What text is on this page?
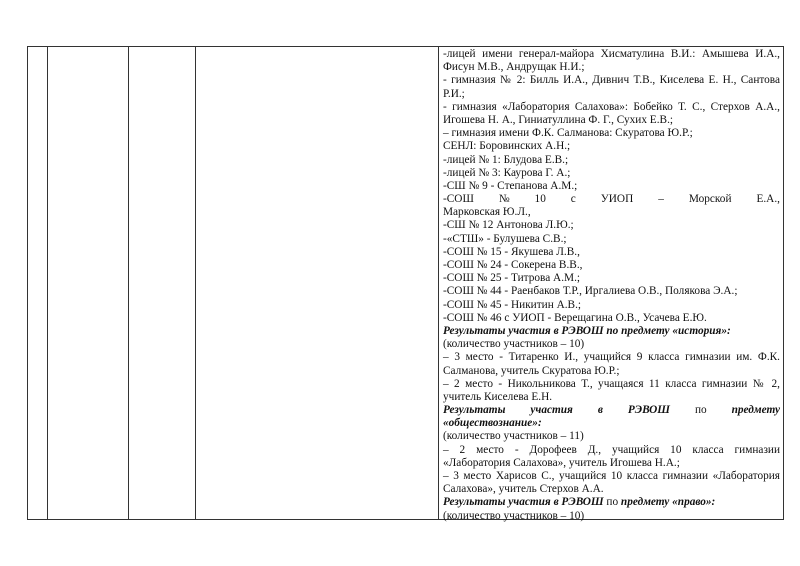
-лицей имени генерал-майора Хисматулина В.И.: Амышева И.А.,
Фисун М.В., Андрущак Н.И.;
- гимназия № 2: Билль И.А., Дивнич Т.В., Киселева Е. Н., Сантова
Р.И.;
- гимназия «Лаборатория Салахова»: Бобейко Т. С., Стерхов А.А.,
Игошева Н. А., Гиниатуллина Ф. Г., Сухих Е.В.;
– гимназия имени Ф.К. Салманова: Скуратова Ю.Р.;
СЕНЛ: Боровинских А.Н.;
-лицей № 1: Блудова Е.В.;
-лицей № 3: Каурова Г. А.;
-СШ № 9 - Степанова А.М.;
-СОШ № 10 с УИОП – Морской Е.А.,
Марковская Ю.Л.,
-СШ № 12 Антонова Л.Ю.;
-«СТШ» - Булушева С.В.;
-СОШ № 15 - Якушева Л.В.,
-СОШ № 24 - Сокерена В.В.,
-СОШ № 25 - Титрова А.М.;
-СОШ № 44 - Раенбаков Т.Р., Иргалиева О.В., Полякова Э.А.;
-СОШ № 45 - Никитин А.В.;
-СОШ № 46 с УИОП - Верещагина О.В., Усачева Е.Ю.
Результаты участия в РЭВОШ по предмету «история»:
(количество участников – 10)
– 3 место - Титаренко И., учащийся 9 класса гимназии им. Ф.К.
Салманова, учитель Скуратова Ю.Р.;
– 2 место - Никольникова Т., учащаяся 11 класса гимназии № 2,
учитель Киселева Е.Н.
Результаты участия в РЭВОШ по предмету
«обществознание»:
(количество участников – 11)
– 2 место - Дорофеев Д., учащийся 10 класса гимназии
«Лаборатория Салахова», учитель Игошева Н.А.;
– 3 место Харисов С., учащийся 10 класса гимназии «Лаборатория
Салахова», учитель Стерхов А.А.
Результаты участия в РЭВОШ по предмету «право»:
(количество участников – 10)
